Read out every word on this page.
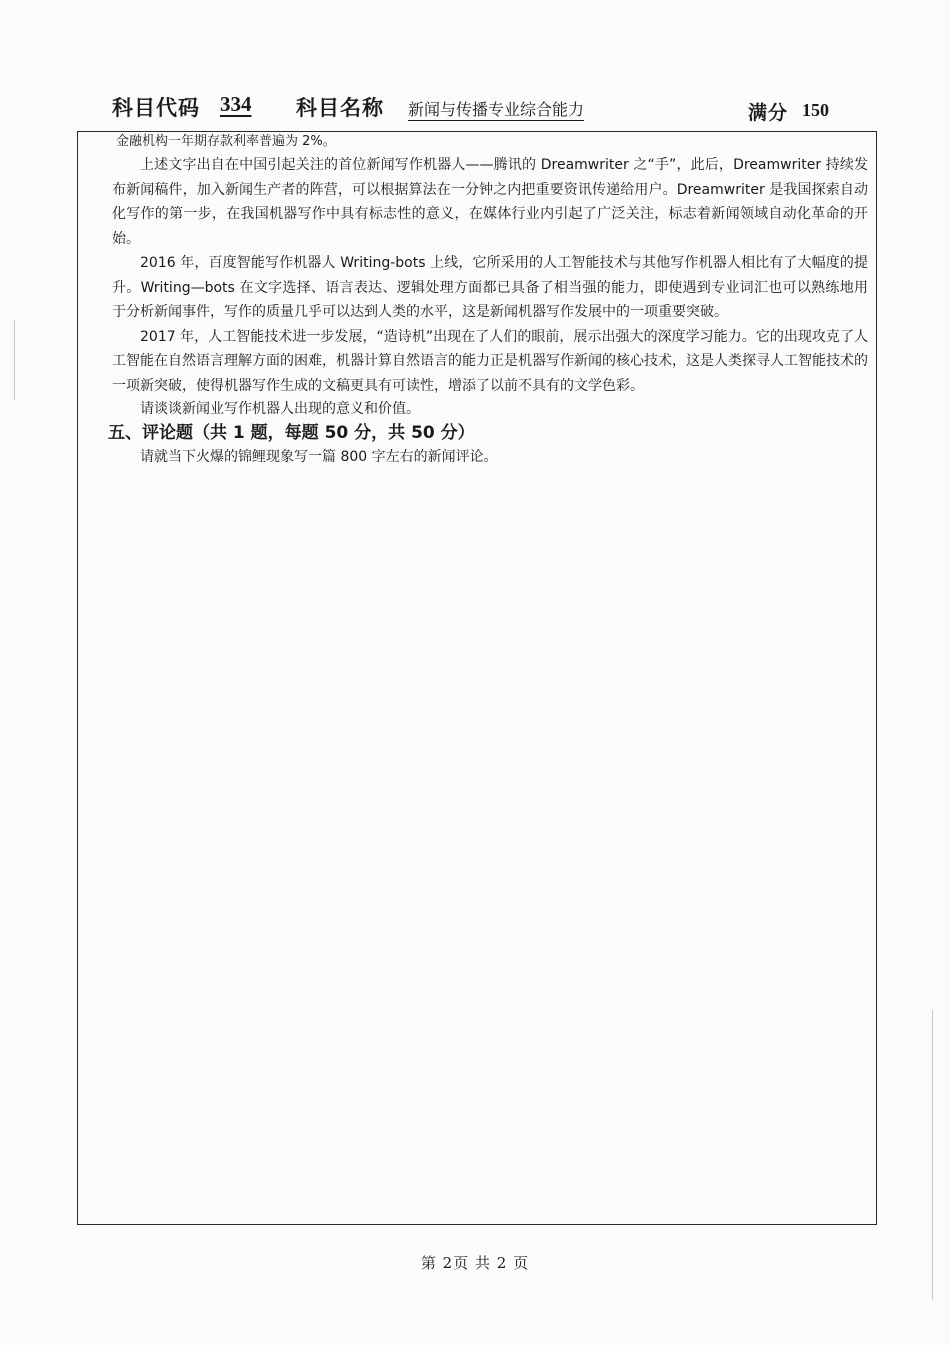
科目代码 334 科目名称 新闻与传播专业综合能力	满分 150
金融机构一年期存款利率普遍为 2%。

上述文字出自在中国引起关注的首位新闻写作机器人——腾讯的 Dreamwriter 之“手”，此后，Dreamwriter 持续发布新闻稿件，加入新闻生产者的阵营，可以根据算法在一分钟之内把重要资讯传递给用户。Dreamwriter 是我国探索自动化写作的第一步，在我国机器写作中具有标志性的意义，在媒体行业内引起了广泛关注，标志着新闻领域自动化革命的开始。

2016 年，百度智能写作机器人 Writing-bots 上线，它所采用的人工智能技术与其他写作机器人相比有了大幅度的提升。Writing—bots 在文字选择、语言表达、逻辑处理方面都已具备了相当强的能力，即使遇到专业词汇也可以熟练地用于分析新闻事件，写作的质量几乎可以达到人类的水平，这是新闻机器写作发展中的一项重要突破。

2017 年，人工智能技术进一步发展，“造诗机”出现在了人们的眼前，展示出强大的深度学习能力。它的出现攻克了人工智能在自然语言理解方面的困难，机器计算自然语言的能力正是机器写作新闻的核心技术，这是人类探寻人工智能技术的一项新突破，使得机器写作生成的文稿更具有可读性，增添了以前不具有的文学色彩。

请谈谈新闻业写作机器人出现的意义和价值。

五、评论题（共 1 题，每题 50 分，共 50 分）

请就当下火爆的锦鲤现象写一篇 800 字左右的新闻评论。

第 2页 共 2 页
